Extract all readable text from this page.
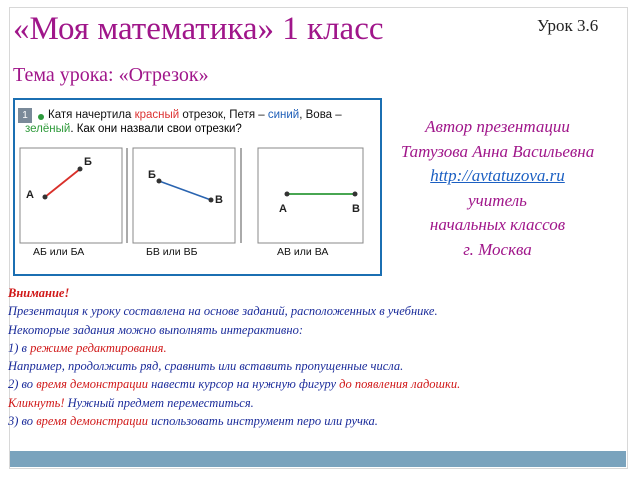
«Моя математика» 1 класс	Урок 3.6
Тема урока: «Отрезок»
1	Катя начертила красный отрезок, Петя – синий, Вова –
зелёный. Как они назвали свои отрезки?
А
Б
Б
В
А	В
АБ или БА	БВ или ВБ	АВ или ВА
Автор презентации
Татузова Анна Васильевна
http://avtatuzova.ru
учитель
начальных классов
г. Москва
Внимание!
Презентация к уроку составлена на основе заданий, расположенных в учебнике.
Некоторые задания можно выполнять интерактивно:
1) в режиме редактирования.
Например, продолжить ряд, сравнить или вставить пропущенные числа.
2) во время демонстрации навести курсор на нужную фигуру до появления ладошки.
Кликнуть! Нужный предмет переместиться.
3) во время демонстрации использовать инструмент перо или ручка.
